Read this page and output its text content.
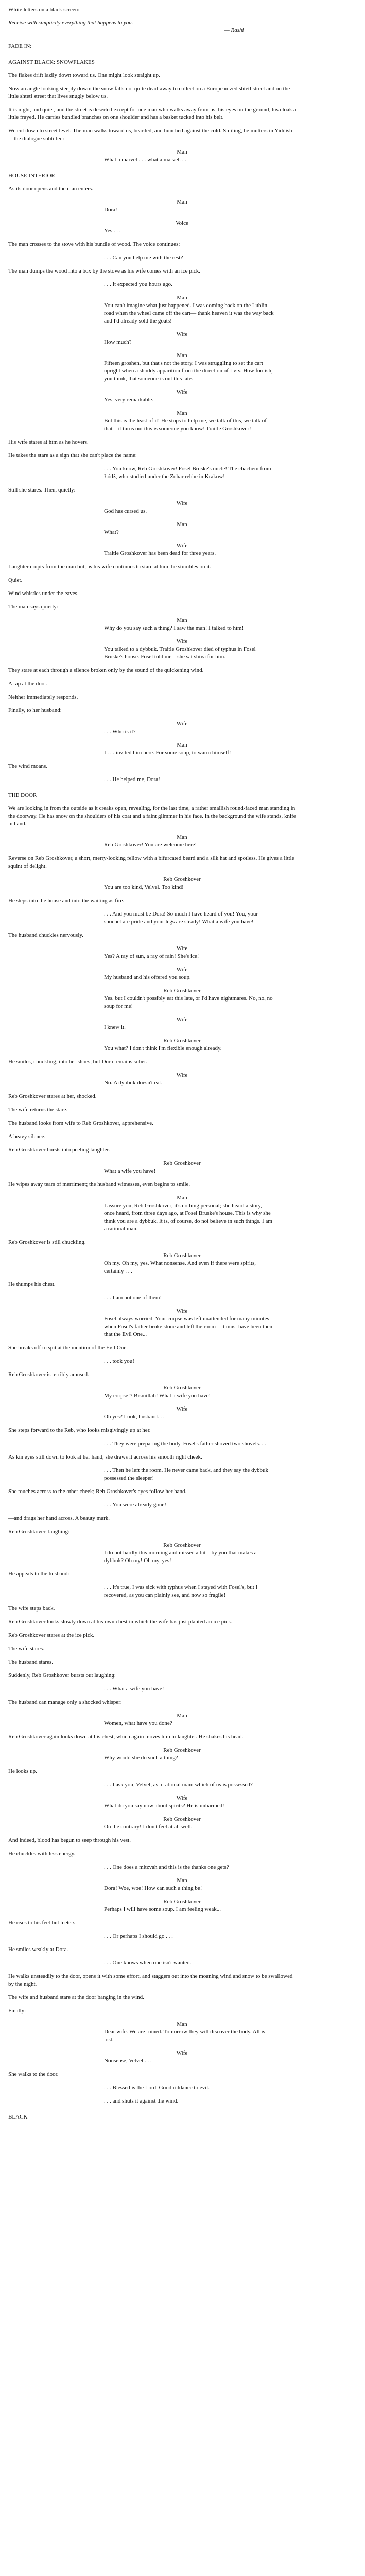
White letters on a black screen:
Receive with simplicity everything that happens to you.
— Rashi
FADE IN:
AGAINST BLACK: SNOWFLAKES
The flakes drift lazily down toward us. One might look straight up.
Now an angle looking steeply down: the snow falls not quite dead-away to collect on a Europeanized shtetl street and on the little shtetl street that lives snugly below us.
It is night, and quiet, and the street is deserted except for one man who walks away from us, his eyes on the ground, his cloak a little frayed. He carries bundled branches on one shoulder and has a basket tucked into his belt.
We cut down to street level. The man walks toward us, bearded, and hunched against the cold. Smiling, he mutters in Yiddish—the dialogue subtitled:
Man
What a marvel . . . what a marvel. . .
HOUSE INTERIOR
As its door opens and the man enters.
Man
Dora!
Voice
Yes . . .
The man crosses to the stove with his bundle of wood. The voice continues:
. . . Can you help me with the rest?
The man dumps the wood into a box by the stove as his wife comes with an ice pick.
. . . It expected you hours ago.
Man
You can't imagine what just happened. I was coming back on the Lublin road when the wheel came off the cart— thank heaven it was the way back and I'd already sold the goats!
Wife
How much?
Man
Fifteen groshen, but that's not the story. I was struggling to set the cart upright when a shoddy apparition from the direction of Lviv. How foolish, you think, that someone is out this late.
Wife
Yes, very remarkable.
Man
But this is the least of it! He stops to help me, we talk of this, we talk of that—it turns out this is someone you know! Traitle Groshkover!
His wife stares at him as he hovers.
He takes the stare as a sign that she can't place the name:
. . . You know, Reb Groshkover! Fosel Bruske's uncle! The chachem from Łódź, who studied under the Zohar rebbe in Krakow!
Still she stares. Then, quietly:
Wife
God has cursed us.
Man
What?
Wife
Traitle Groshkover has been dead for three years.
Laughter erupts from the man but, as his wife continues to stare at him, he stumbles on it.
Quiet.
Wind whistles under the eaves.
The man says quietly:
Man
Why do you say such a thing? I saw the man! I talked to him!
Wife
You talked to a dybbuk. Traitle Groshkover died of typhus in Fosel Bruske's house. Fosel told me—she sat shiva for him.
They stare at each through a silence broken only by the sound of the quickening wind.
A rap at the door.
Neither immediately responds.
Finally, to her husband:
Wife
. . . Who is it?
Man
I . . . invited him here. For some soup, to warm himself!
The wind moans.
. . . He helped me, Dora!
THE DOOR
We are looking in from the outside as it creaks open, revealing, for the last time, a rather smallish round-faced man standing in the doorway. He has snow on the shoulders of his coat and a faint glimmer in his face. In the background the wife stands, knife in hand.
Man
Reb Groshkover! You are welcome here!
Reverse on Reb Groshkover, a short, merry-looking fellow with a bifurcated beard and a silk hat and spotless. He gives a little squint of delight.
Reb Groshkover
You are too kind, Velvel. Too kind!
He steps into the house and into the waiting as fire.
. . . And you must be Dora! So much I have heard of you! You, your shochet are pride and your legs are steady! What a wife you have!
The husband chuckles nervously.
Wife
Yes? A ray of sun, a ray of rain! She's ice!
Wife
My husband and his offered you soup.
Reb Groshkover
Yes, but I couldn't possibly eat this late, or I'd have nightmares. No, no, no soup for me!
Wife
I knew it.
Reb Groshkover
You what? I don't think I'm flexible enough already.
He smiles, chuckling, into her shoes, but Dora remains sober.
Wife
No. A dybbuk doesn't eat.
Reb Groshkover stares at her, shocked.
The wife returns the stare.
The husband looks from wife to Reb Groshkover, apprehensive.
A heavy silence.
Reb Groshkover bursts into peeling laughter.
Reb Groshkover
What a wife you have!
He wipes away tears of merriment; the husband witnesses, even begins to smile.
Man
I assure you, Reb Groshkover, it's nothing personal; she heard a story, once heard, from three days ago, at Fosel Bruske's house. This is why she think you are a dybbuk. It is, of course, do not believe in such things. I am a rational man.
Reb Groshkover is still chuckling.
Reb Groshkover
Oh my. Oh my, yes. What nonsense. And even if there were spirits, certainly . . .
He thumps his chest.
. . . I am not one of them!
Wife
Fosel always worried. Your corpse was left unattended for many minutes when Fosel's father broke stone and left the room—it must have been then that the Evil One...
She breaks off to spit at the mention of the Evil One.
. . . took you!
Reb Groshkover is terribly amused.
Reb Groshkover
My corpse!? Bismillah! What a wife you have!
Wife
Oh yes? Look, husband. . .
She steps forward to the Reb, who looks misgivingly up at her.
. . . They were preparing the body. Fosel's father shoved two shovels. . .
As kin eyes still down to look at her hand, she draws it across his smooth right cheek.
. . . Then he left the room. He never came back, and they say the dybbuk possessed the sleeper!
She touches across to the other cheek; Reb Groshkover's eyes follow her hand.
. . . You were already gone!
—and drags her hand across. A beauty mark.
Reb Groshkover, laughing:
Reb Groshkover
I do not hardly this morning and missed a bit—by you that makes a dybbuk? Oh my! Oh my, yes!
He appeals to the husband:
. . . It's true, I was sick with typhus when I stayed with Fosel's, but I recovered, as you can plainly see, and now so fragile!
The wife steps back.
Reb Groshkover looks slowly down at his own chest in which the wife has just planted an ice pick.
Reb Groshkover stares at the ice pick.
The wife stares.
The husband stares.
Suddenly, Reb Groshkover bursts out laughing:
. . . What a wife you have!
The husband can manage only a shocked whisper:
Man
Women, what have you done?
Reb Groshkover again looks down at his chest, which again moves him to laughter. He shakes his head.
Reb Groshkover
Why would she do such a thing?
He looks up.
. . . I ask you, Velvel, as a rational man: which of us is possessed?
Wife
What do you say now about spirits? He is unharmed!
Reb Groshkover
On the contrary! I don't feel at all well.
And indeed, blood has begun to seep through his vest.
He chuckles with less energy.
. . . One does a mitzvah and this is the thanks one gets?
Man
Dora! Woe, woe! How can such a thing be!
Reb Groshkover
Perhaps I will have some soup. I am feeling weak...
He rises to his feet but teeters.
. . . Or perhaps I should go . . .
He smiles weakly at Dora.
. . . One knows when one isn't wanted.
He walks unsteadily to the door, opens it with some effort, and staggers out into the moaning wind and snow to be swallowed by the night.
The wife and husband stare at the door banging in the wind.
Finally:
Man
Dear wife. We are ruined. Tomorrow they will discover the body. All is lost.
Wife
Nonsense, Velvel . . .
She walks to the door.
. . . Blessed is the Lord. Good riddance to evil.
. . . and shuts it against the wind.
BLACK
